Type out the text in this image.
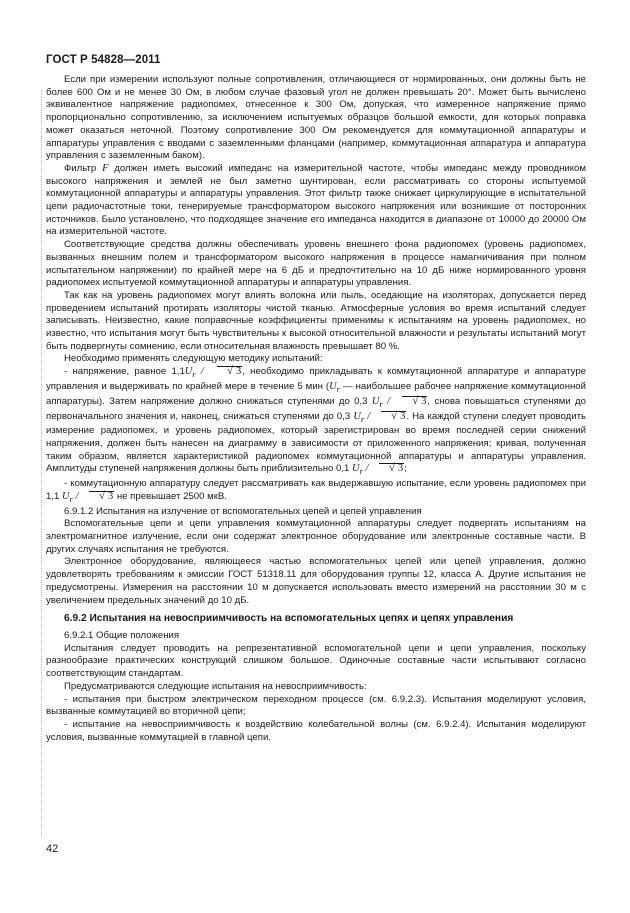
ГОСТ Р 54828—2011

Если при измерении используют полные сопротивления, отличающиеся от нормированных, они должны быть не более 600 Ом и не менее 30 Ом, в любом случае фазовый угол не должен превышать 20°. Может быть вычислено эквивалентное напряжение радиопомех, отнесенное к 300 Ом, допуская, что измеренное напряжение прямо пропорционально сопротивлению, за исключением испытуемых образцов большой емкости, для которых поправка может оказаться неточной. Поэтому сопротивление 300 Ом рекомендуется для коммутационной аппаратуры и аппаратуры управления с вводами с заземленными фланцами (например, коммутационная аппаратура и аппаратура управления с заземленным баком).

Фильтр F должен иметь высокий импеданс на измерительной частоте, чтобы импеданс между проводником высокого напряжения и землей не был заметно шунтирован, если рассматривать со стороны испытуемой коммутационной аппаратуры и аппаратуры управления. Этот фильтр также снижает циркулирующие в испытательной цепи радиочастотные токи, генерируемые трансформатором высокого напряжения или возникшие от посторонних источников. Было установлено, что подходящее значение его импеданса находится в диапазоне от 10000 до 20000 Ом на измерительной частоте.

Соответствующие средства должны обеспечивать уровень внешнего фона радиопомех (уровень радиопомех, вызванных внешним полем и трансформатором высокого напряжения в процессе намагничивания при полном испытательном напряжении) по крайней мере на 6 дБ и предпочтительно на 10 дБ ниже нормированного уровня радиопомех испытуемой коммутационной аппаратуры и аппаратуры управления.

Так как на уровень радиопомех могут влиять волокна или пыль, оседающие на изоляторах, допускается перед проведением испытаний протирать изоляторы чистой тканью. Атмосферные условия во время испытаний следует записывать. Неизвестно, какие поправочные коэффициенты применимы к испытаниям на уровень радиопомех, но известно, что испытания могут быть чувствительны к высокой относительной влажности и результаты испытаний могут быть подвергнуты сомнению, если относительная влажность превышает 80 %.

Необходимо применять следующую методику испытаний:

- напряжение, равное $1,1U_r$ /	√ 3, необходимо прикладывать к коммутационной аппаратуре и аппаратуре управления и выдерживать по крайней мере в течение 5 мин ($U_r$ — наибольшее рабочее напряжение коммутационной аппаратуры). Затем напряжение должно снижаться ступенями до 0,3 $U_r$ /	√ 3, снова повышаться ступенями до первоначального значения и, наконец, снижаться ступенями до 0,3 $U_r$ /	√ 3. На каждой ступени следует проводить измерение радиопомех, и уровень радиопомех, который зарегистрирован во время последней серии снижений напряжения, должен быть нанесен на диаграмму в зависимости от приложенного напряжения; кривая, полученная таким образом, является характеристикой радиопомех коммутационной аппаратуры и аппаратуры управления. Амплитуды ступеней напряжения должны быть приблизительно 0,1 $U_r$ /	√ 3;

- коммутационную аппаратуру следует рассматривать как выдержавшую испытание, если уровень радиопомех при 1,1 $U_r$ /	√ 3 не превышает 2500 мкВ.

6.9.1.2 Испытания на излучение от вспомогательных цепей и цепей управления

Вспомогательные цепи и цепи управления коммутационной аппаратуры следует подвергать испытаниям на электромагнитное излучение, если они содержат электронное оборудование или электронные составные части. В других случаях испытания не требуются.

Электронное оборудование, являющееся частью вспомогательных цепей или цепей управления, должно удовлетворять требованиям к эмиссии ГОСТ 51318.11 для оборудования группы 12, класса А. Другие испытания не предусмотрены. Измерения на расстоянии 10 м допускается использовать вместо измерений на расстоянии 30 м с увеличением предельных значений до 10 дБ.

6.9.2 Испытания на невосприимчивость на вспомогательных цепях и цепях управления

6.9.2.1 Общие положения

Испытания следует проводить на репрезентативной вспомогательной цепи и цепи управления, поскольку разнообразие практических конструкций слишком большое. Одиночные составные части испытывают согласно соответствующим стандартам.

Предусматриваются следующие испытания на невосприимчивость:

- испытания при быстром электрическом переходном процессе (см. 6.9.2.3). Испытания моделируют условия, вызванные коммутацией во вторичной цепи;

- испытание на невосприимчивость к воздействию колебательной волны (см. 6.9.2.4). Испытания моделируют условия, вызванные коммутацией в главной цепи.

42
